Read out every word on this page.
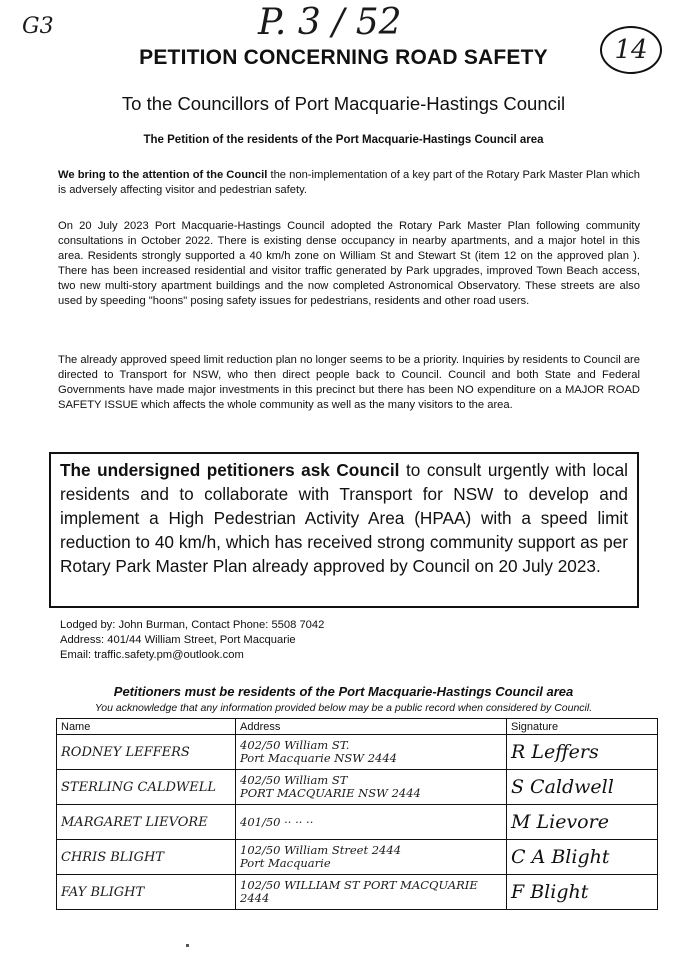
G3	P. 3 / 52
14
PETITION CONCERNING ROAD SAFETY
To the Councillors of Port Macquarie-Hastings Council
The Petition of the residents of the Port Macquarie-Hastings Council area
We bring to the attention of the Council the non-implementation of a key part of the Rotary Park Master Plan which is adversely affecting visitor and pedestrian safety.
On 20 July 2023 Port Macquarie-Hastings Council adopted the Rotary Park Master Plan following community consultations in October 2022. There is existing dense occupancy in nearby apartments, and a major hotel in this area. Residents strongly supported a 40 km/h zone on William St and Stewart St (item 12 on the approved plan ). There has been increased residential and visitor traffic generated by Park upgrades, improved Town Beach access, two new multi-story apartment buildings and the now completed Astronomical Observatory. These streets are also used by speeding "hoons" posing safety issues for pedestrians, residents and other road users.
The already approved speed limit reduction plan no longer seems to be a priority. Inquiries by residents to Council are directed to Transport for NSW, who then direct people back to Council. Council and both State and Federal Governments have made major investments in this precinct but there has been NO expenditure on a MAJOR ROAD SAFETY ISSUE which affects the whole community as well as the many visitors to the area.
The undersigned petitioners ask Council to consult urgently with local residents and to collaborate with Transport for NSW to develop and implement a High Pedestrian Activity Area (HPAA) with a speed limit reduction to 40 km/h, which has received strong community support as per Rotary Park Master Plan already approved by Council on 20 July 2023.
Lodged by: John Burman, Contact Phone: 5508 7042
Address: 401/44 William Street, Port Macquarie
Email: traffic.safety.pm@outlook.com
Petitioners must be residents of the Port Macquarie-Hastings Council area
You acknowledge that any information provided below may be a public record when considered by Council.
Name	Address	Signature
RODNEY LEFFERS	402/50 William ST.
Port Macquarie NSW 2444	R Leffers
STERLING CALDWELL	402/50 William ST
PORT MACQUARIE NSW 2444	S Caldwell
MARGARET LIEVORE	401/50 ·· ·· ··	M Lievore
CHRIS BLIGHT	102/50 William Street 2444
Port Macquarie	C A Blight
FAY BLIGHT	102/50 WILLIAM ST PORT MACQUARIE 2444	F Blight
